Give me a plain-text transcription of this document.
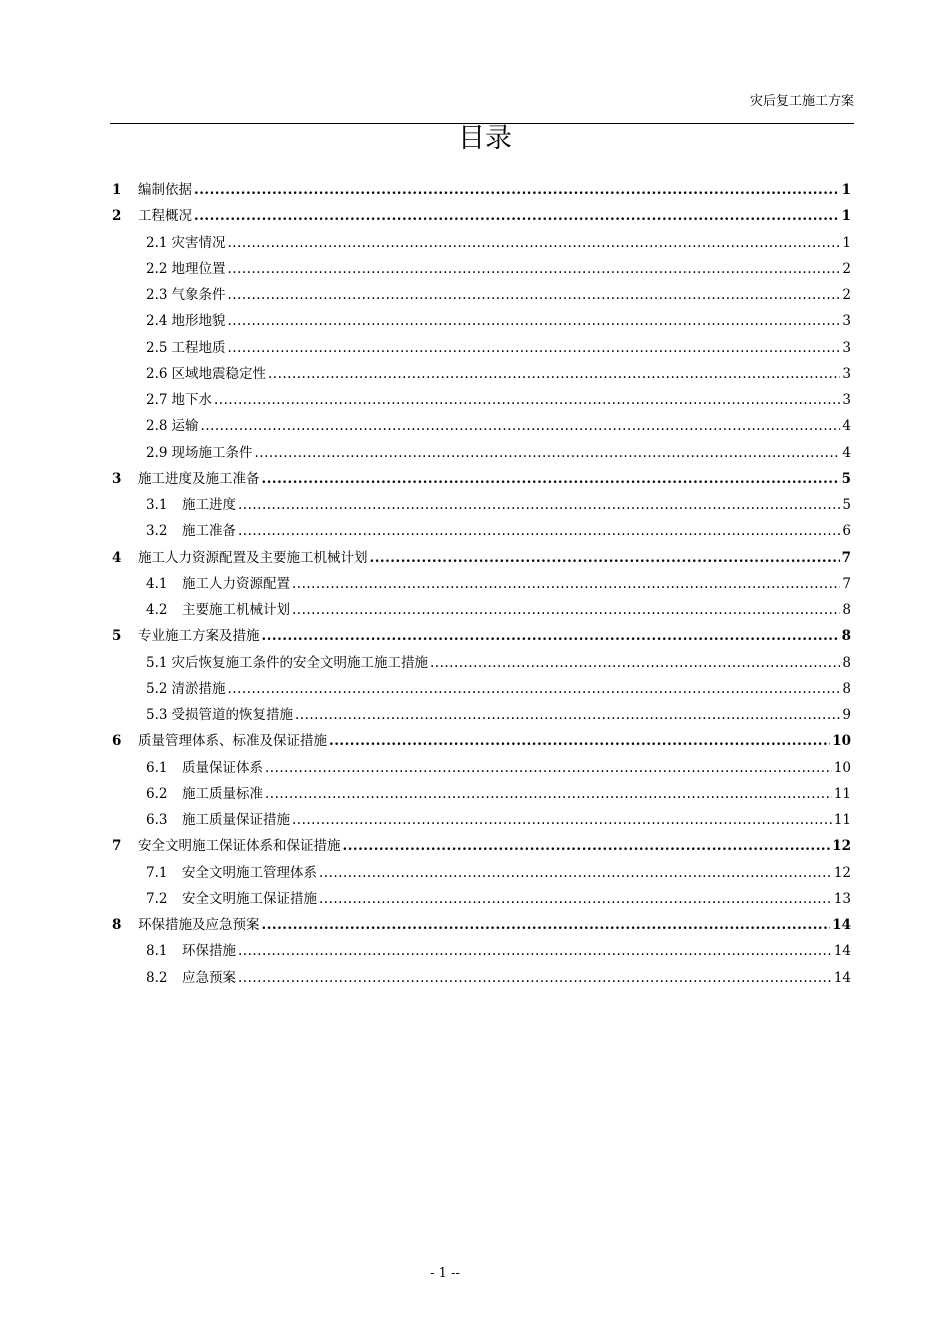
灾后复工施工方案
目录
1	编制依据 .....	1
2	工程概况 .....	1
2.1 灾害情况 .....	1
2.2 地理位置 .....	2
2.3 气象条件 .....	2
2.4 地形地貌 .....	3
2.5 工程地质 .....	3
2.6 区域地震稳定性 .....	3
2.7 地下水 .....	3
2.8 运输 .....	4
2.9 现场施工条件 .....	4
3	施工进度及施工准备 .....	5
3.1	施工进度 .....	5
3.2	施工准备 .....	6
4	施工人力资源配置及主要施工机械计划 .....	7
4.1	施工人力资源配置 .....	7
4.2	主要施工机械计划 .....	8
5	专业施工方案及措施 .....	8
5.1 灾后恢复施工条件的安全文明施工施工措施 .....	8
5.2 清淤措施 .....	8
5.3 受损管道的恢复措施 .....	9
6	质量管理体系、标准及保证措施 .....	10
6.1	质量保证体系 .....	10
6.2	施工质量标准 .....	11
6.3	施工质量保证措施 .....	11
7	安全文明施工保证体系和保证措施 .....	12
7.1	安全文明施工管理体系 .....	12
7.2	安全文明施工保证措施 .....	13
8	环保措施及应急预案 .....	14
8.1	环保措施 .....	14
8.2	应急预案 .....	14
- 1 --
